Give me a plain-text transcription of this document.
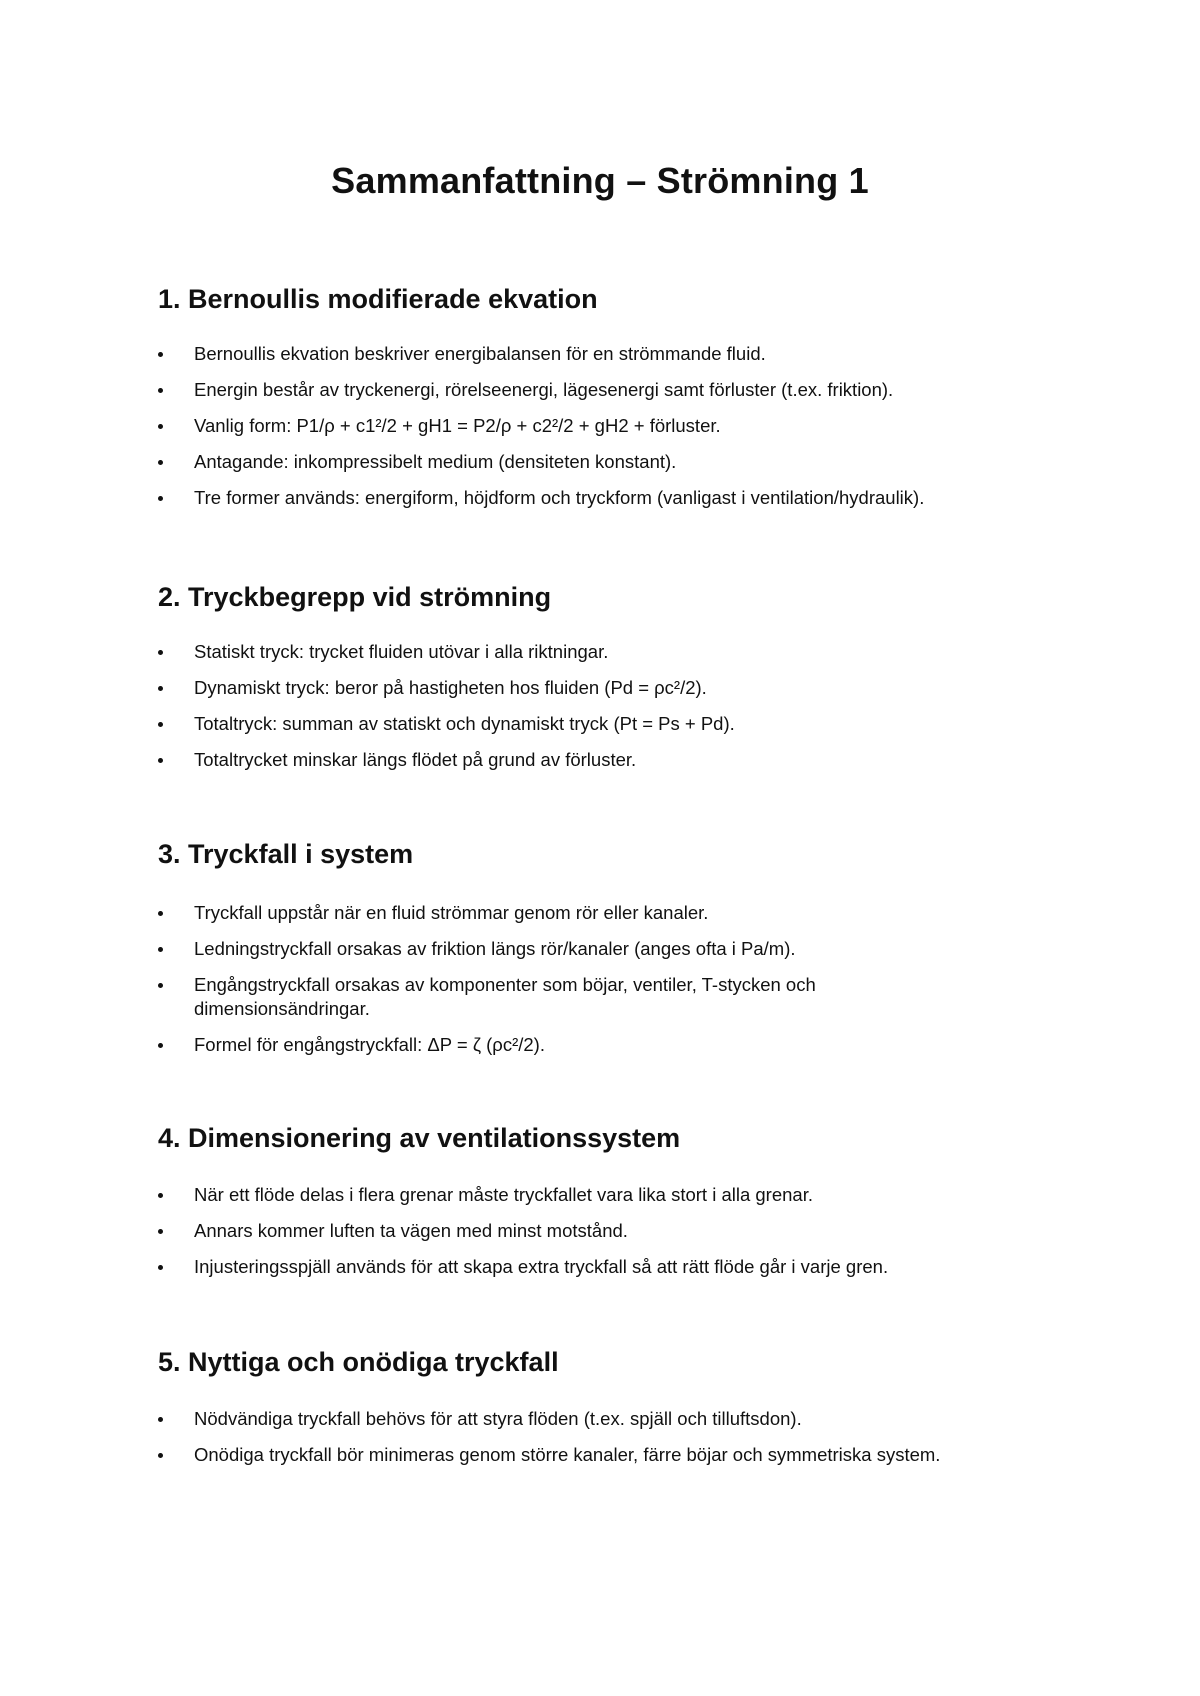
Sammanfattning – Strömning 1
1. Bernoullis modifierade ekvation
Bernoullis ekvation beskriver energibalansen för en strömmande fluid.
Energin består av tryckenergi, rörelseenergi, lägesenergi samt förluster (t.ex. friktion).
Vanlig form: P1/ρ + c1²/2 + gH1 = P2/ρ + c2²/2 + gH2 + förluster.
Antagande: inkompressibelt medium (densiteten konstant).
Tre former används: energiform, höjdform och tryckform (vanligast i ventilation/hydraulik).
2. Tryckbegrepp vid strömning
Statiskt tryck: trycket fluiden utövar i alla riktningar.
Dynamiskt tryck: beror på hastigheten hos fluiden (Pd = ρc²/2).
Totaltryck: summan av statiskt och dynamiskt tryck (Pt = Ps + Pd).
Totaltrycket minskar längs flödet på grund av förluster.
3. Tryckfall i system
Tryckfall uppstår när en fluid strömmar genom rör eller kanaler.
Ledningstryckfall orsakas av friktion längs rör/kanaler (anges ofta i Pa/m).
Engångstryckfall orsakas av komponenter som böjar, ventiler, T-stycken och dimensionsändringar.
Formel för engångstryckfall: ΔP = ζ (ρc²/2).
4. Dimensionering av ventilationssystem
När ett flöde delas i flera grenar måste tryckfallet vara lika stort i alla grenar.
Annars kommer luften ta vägen med minst motstånd.
Injusteringsspjäll används för att skapa extra tryckfall så att rätt flöde går i varje gren.
5. Nyttiga och onödiga tryckfall
Nödvändiga tryckfall behövs för att styra flöden (t.ex. spjäll och tilluftsdon).
Onödiga tryckfall bör minimeras genom större kanaler, färre böjar och symmetriska system.
